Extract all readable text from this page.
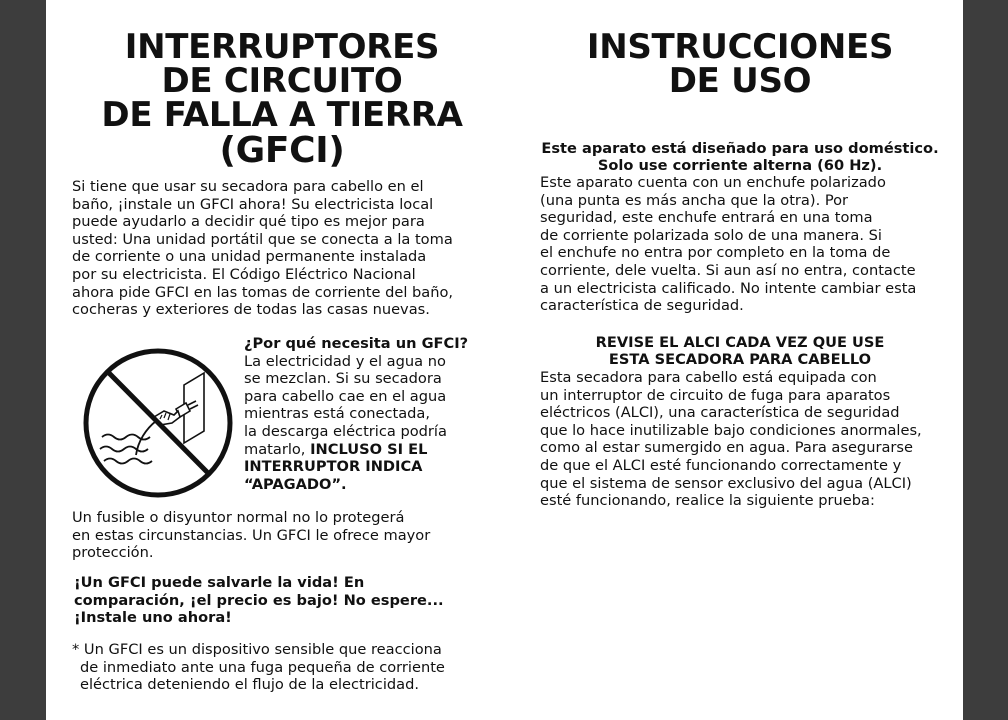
INTERRUPTORES
DE CIRCUITO
DE FALLA A TIERRA
(GFCI)
Si tiene que usar su secadora para cabello en el
baño, ¡instale un GFCI ahora! Su electricista local
puede ayudarlo a decidir qué tipo es mejor para
usted: Una unidad portátil que se conecta a la toma
de corriente o una unidad permanente instalada
por su electricista. El Código Eléctrico Nacional
ahora pide GFCI en las tomas de corriente del baño,
cocheras y exteriores de todas las casas nuevas.
¿Por qué necesita un GFCI?
La electricidad y el agua no
se mezclan. Si su secadora
para cabello cae en el agua
mientras está conectada,
la descarga eléctrica podría
matarlo, INCLUSO SI EL
INTERRUPTOR INDICA
“APAGADO”.
Un fusible o disyuntor normal no lo protegerá
en estas circunstancias. Un GFCI le ofrece mayor
protección.
¡Un GFCI puede salvarle la vida! En
comparación, ¡el precio es bajo! No espere...
¡Instale uno ahora!
* Un GFCI es un dispositivo sensible que reacciona
de inmediato ante una fuga pequeña de corriente
eléctrica deteniendo el flujo de la electricidad.
INSTRUCCIONES
DE USO
Este aparato está diseñado para uso doméstico.
Solo use corriente alterna (60 Hz).
Este aparato cuenta con un enchufe polarizado
(una punta es más ancha que la otra). Por
seguridad, este enchufe entrará en una toma
de corriente polarizada solo de una manera. Si
el enchufe no entra por completo en la toma de
corriente, dele vuelta. Si aun así no entra, contacte
a un electricista calificado. No intente cambiar esta
característica de seguridad.
REVISE EL ALCI CADA VEZ QUE USE
ESTA SECADORA PARA CABELLO
Esta secadora para cabello está equipada con
un interruptor de circuito de fuga para aparatos
eléctricos (ALCI), una característica de seguridad
que lo hace inutilizable bajo condiciones anormales,
como al estar sumergido en agua. Para asegurarse
de que el ALCI esté funcionando correctamente y
que el sistema de sensor exclusivo del agua (ALCI)
esté funcionando, realice la siguiente prueba:
